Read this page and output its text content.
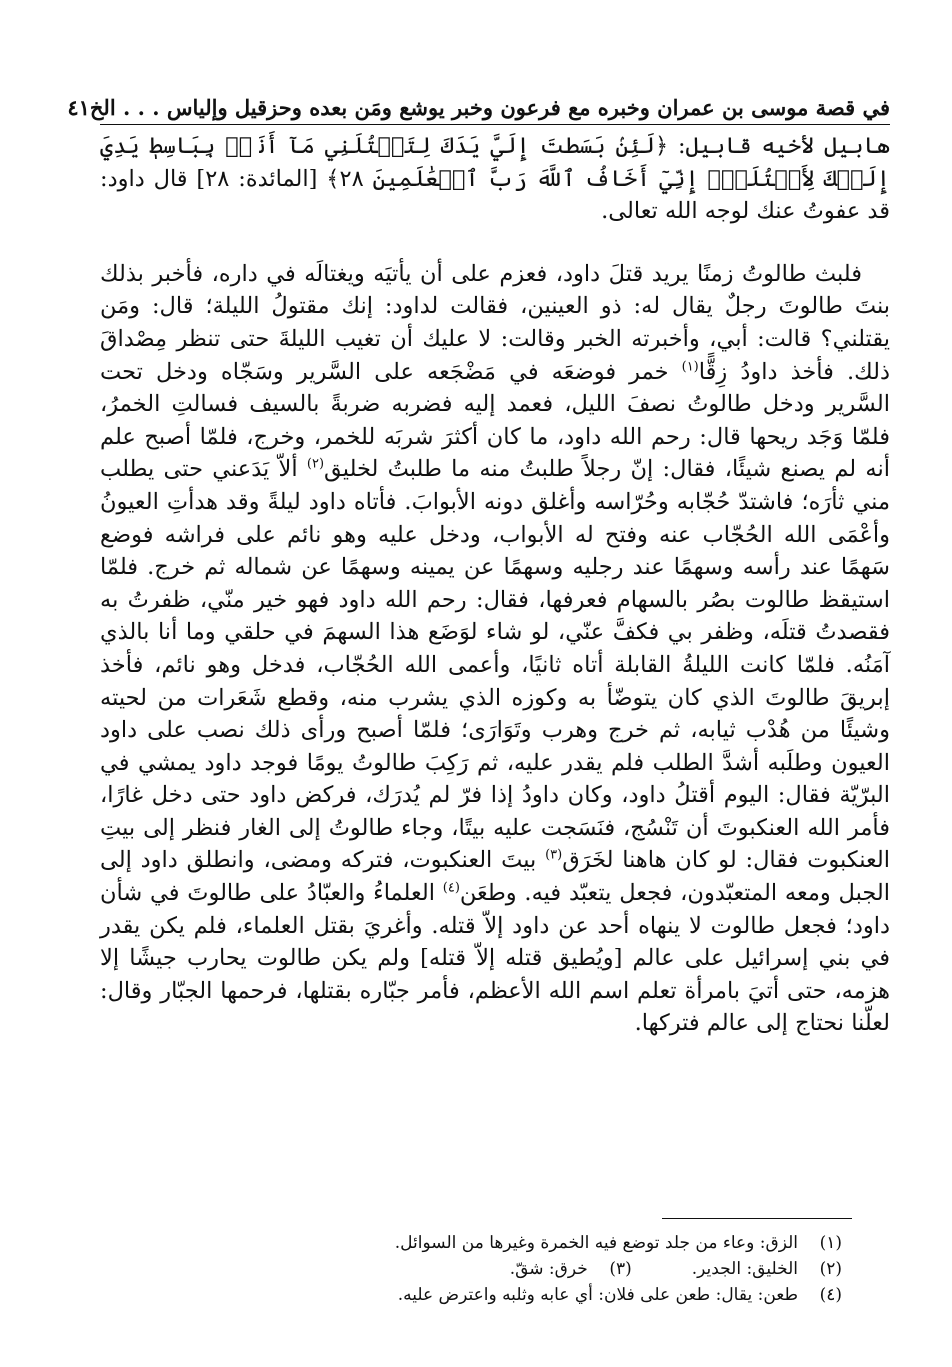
في قصة موسى بن عمران وخبره مع فرعون وخبر يوشع ومَن بعده وحزقيل وإلياس . . . الخ
٤١

هابيل لأخيه قابيل: ﴿لَئِنۢ بَسَطتَ إِلَيَّ يَدَكَ لِتَقۡتُلَنِي مَآ أَنَا۠ بِبَاسِطٖ يَدِيَ إِلَيۡكَ لِأَقۡتُلَكَۖ إِنِّيٓ أَخَافُ ٱللَّهَ رَبَّ ٱلۡعَٰلَمِينَ ٢٨﴾ [المائدة: ٢٨] قال داود: قد عفوتُ عنك لوجه الله تعالى.

فلبث طالوتُ زمنًا يريد قتلَ داود، فعزم على أن يأتيَه ويغتالَه في داره، فأخبر بذلك بنتَ طالوتَ رجلٌ يقال له: ذو العينين، فقالت لداود: إنك مقتولُ الليلة؛ قال: ومَن يقتلني؟ قالت: أبي، وأخبرته الخبر وقالت: لا عليك أن تغيب الليلةَ حتى تنظر مِصْداقَ ذلك. فأخذ داودُ زِقًّا$^{(١)}$ خمر فوضعَه في مَضْجَعه على السَّرير وسَجّاه ودخل تحت السَّرير ودخل طالوتُ نصفَ الليل، فعمد إليه فضربه ضربةً بالسيف فسالتِ الخمرُ، فلمّا وَجَد ريحها قال: رحم الله داود، ما كان أكثرَ شربَه للخمر، وخرج، فلمّا أصبح علم أنه لم يصنع شيئًا، فقال: إنّ رجلاً طلبتُ منه ما طلبتُ لخليق$^{(٢)}$ ألاّ يَدَعني حتى يطلب مني ثأرَه؛ فاشتدّ حُجّابه وحُرّاسه وأغلق دونه الأبوابَ. فأتاه داود ليلةً وقد هدأتِ العيونُ وأعْمَى الله الحُجّاب عنه وفتح له الأبواب، ودخل عليه وهو نائم على فراشه فوضع سَهمًا عند رأسه وسهمًا عند رجليه وسهمًا عن يمينه وسهمًا عن شماله ثم خرج. فلمّا استيقظ طالوت بصُر بالسهام فعرفها، فقال: رحم الله داود فهو خير منّي، ظفرتُ به فقصدتُ قتلَه، وظفر بي فكفَّ عنّي، لو شاء لوَضَع هذا السهمَ في حلقي وما أنا بالذي آمَنُه. فلمّا كانت الليلةُ القابلة أتاه ثانيًا، وأعمى الله الحُجّاب، فدخل وهو نائم، فأخذ إبريقَ طالوتَ الذي كان يتوضّأ به وكوزه الذي يشرب منه، وقطع شَعَرات من لحيته وشيئًا من هُدْب ثيابه، ثم خرج وهرب وتَوَارَى؛ فلمّا أصبح ورأى ذلك نصب على داود العيون وطلَبه أشدَّ الطلب فلم يقدر عليه، ثم رَكِبَ طالوتُ يومًا فوجد داود يمشي في البرّيّة فقال: اليوم أقتلُ داود، وكان داودُ إذا فرّ لم يُدرَك، فركض داود حتى دخل غارًا، فأمر الله العنكبوتَ أن تَنْسُج، فنَسَجت عليه بيتًا، وجاء طالوتُ إلى الغار فنظر إلى بيتِ العنكبوت فقال: لو كان هاهنا لخَرَق$^{(٣)}$ بيتَ العنكبوت، فتركه ومضى، وانطلق داود إلى الجبل ومعه المتعبّدون، فجعل يتعبّد فيه. وطعَن$^{(٤)}$ العلماءُ والعبّادُ على طالوتَ في شأن داود؛ فجعل طالوت لا ينهاه أحد عن داود إلاّ قتله. وأغريَ بقتل العلماء، فلم يكن يقدر في بني إسرائيل على عالم [ويُطيق قتله إلاّ قتله] ولم يكن طالوت يحارب جيشًا إلا هزمه، حتى أتيَ بامرأة تعلم اسم الله الأعظم، فأمر جبّاره بقتلها، فرحمها الجبّار وقال: لعلّنا نحتاج إلى عالم فتركها.

(١)
الزق: وعاء من جلد توضع فيه الخمرة وغيرها من السوائل.
(٢)
الخليق: الجدير.
(٣)
خرق: شقّ.
(٤)
طعن: يقال: طعن على فلان: أي عابه وثلبه واعترض عليه.
